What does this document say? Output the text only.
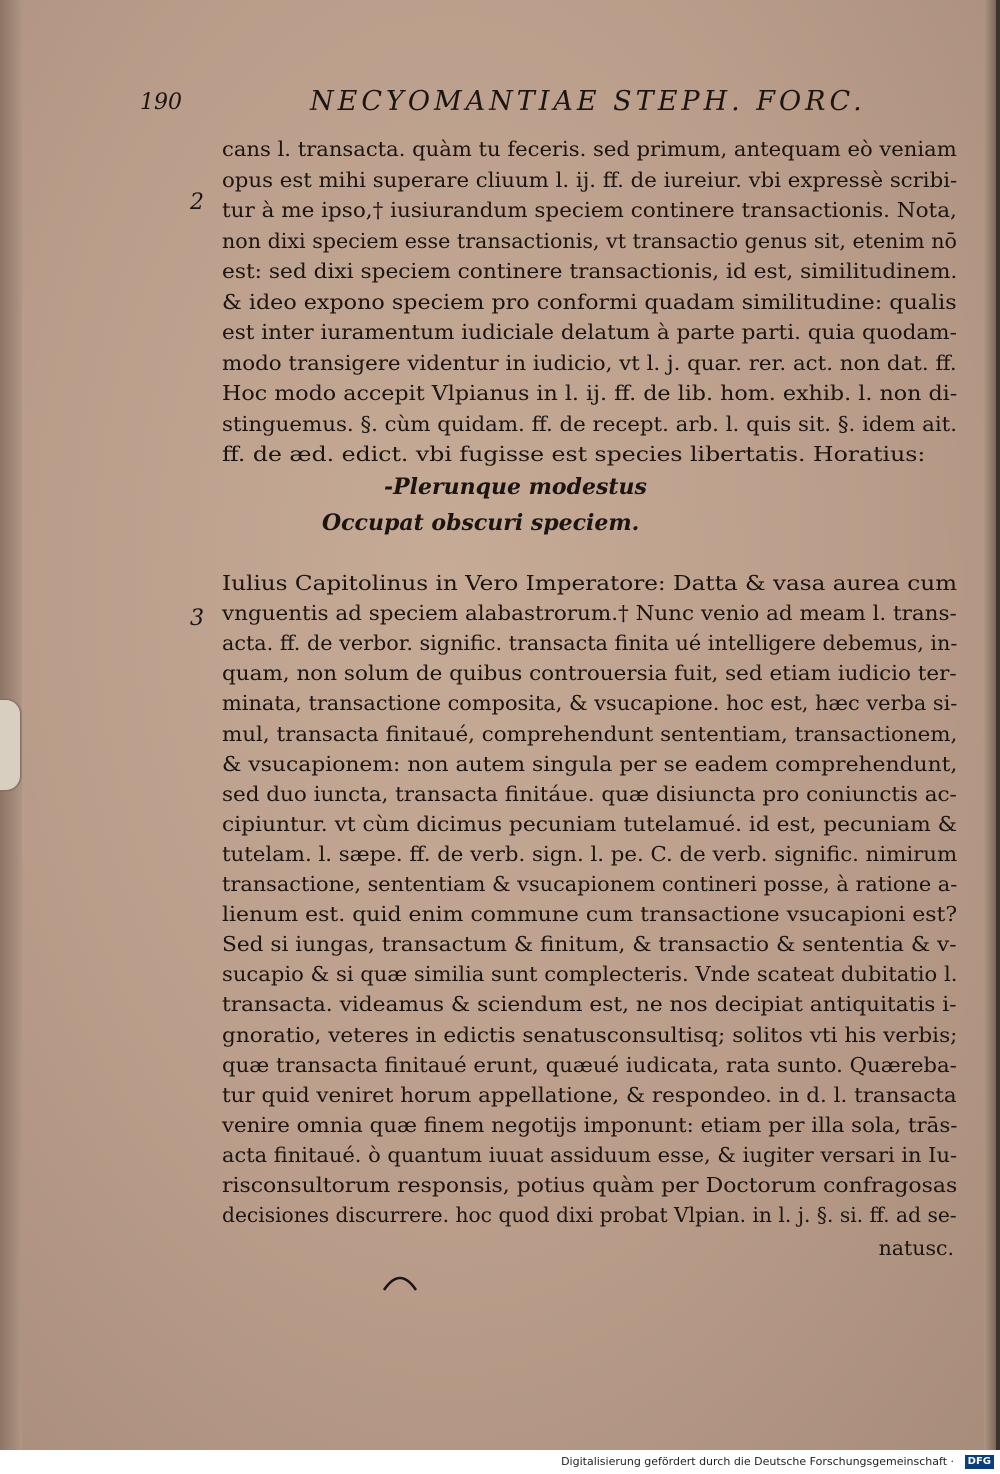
190	NECYOMANTIAE STEPH. FORC.
2
3
cans l. transacta. quàm tu feceris. sed primum, antequam eò veniam
opus est mihi superare cliuum l. ij. ff. de iureiur. vbi expressè scribi-
tur à me ipso,† iusiurandum speciem continere transactionis. Nota,
non dixi speciem esse transactionis, vt transactio genus sit, etenim nō
est: sed dixi speciem continere transactionis, id est, similitudinem.
& ideo expono speciem pro conformi quadam similitudine: qualis
est inter iuramentum iudiciale delatum à parte parti. quia quodam-
modo transigere videntur in iudicio, vt l. j. quar. rer. act. non dat. ff.
Hoc modo accepit Vlpianus in l. ij. ff. de lib. hom. exhib. l. non di-
stinguemus. §. cùm quidam. ff. de recept. arb. l. quis sit. §. idem ait.
ff. de æd. edict. vbi fugisse est species libertatis. Horatius:
-Plerunque modestus
Occupat obscuri speciem.
Iulius Capitolinus in Vero Imperatore: Datta & vasa aurea cum
vnguentis ad speciem alabastrorum.† Nunc venio ad meam l. trans-
acta. ff. de verbor. signific. transacta finita ué intelligere debemus, in-
quam, non solum de quibus controuersia fuit, sed etiam iudicio ter-
minata, transactione composita, & vsucapione. hoc est, hæc verba si-
mul, transacta finitaué, comprehendunt sententiam, transactionem,
& vsucapionem: non autem singula per se eadem comprehendunt,
sed duo iuncta, transacta finitáue. quæ disiuncta pro coniunctis ac-
cipiuntur. vt cùm dicimus pecuniam tutelamué. id est, pecuniam &
tutelam. l. sæpe. ff. de verb. sign. l. pe. C. de verb. signific. nimirum
transactione, sententiam & vsucapionem contineri posse, à ratione a-
lienum est. quid enim commune cum transactione vsucapioni est?
Sed si iungas, transactum & finitum, & transactio & sententia & v-
sucapio & si quæ similia sunt complecteris. Vnde scateat dubitatio l.
transacta. videamus & sciendum est, ne nos decipiat antiquitatis i-
gnoratio, veteres in edictis senatusconsultisq; solitos vti his verbis;
quæ transacta finitaué erunt, quæué iudicata, rata sunto. Quæreba-
tur quid veniret horum appellatione, & respondeo. in d. l. transacta
venire omnia quæ finem negotijs imponunt: etiam per illa sola, trās-
acta finitaué. ò quantum iuuat assiduum esse, & iugiter versari in Iu-
risconsultorum responsis, potius quàm per Doctorum confragosas
decisiones discurrere. hoc quod dixi probat Vlpian. in l. j. §. si. ff. ad se-
natusc.
Digitalisierung gefördert durch die Deutsche Forschungsgemeinschaft ·	DFG
